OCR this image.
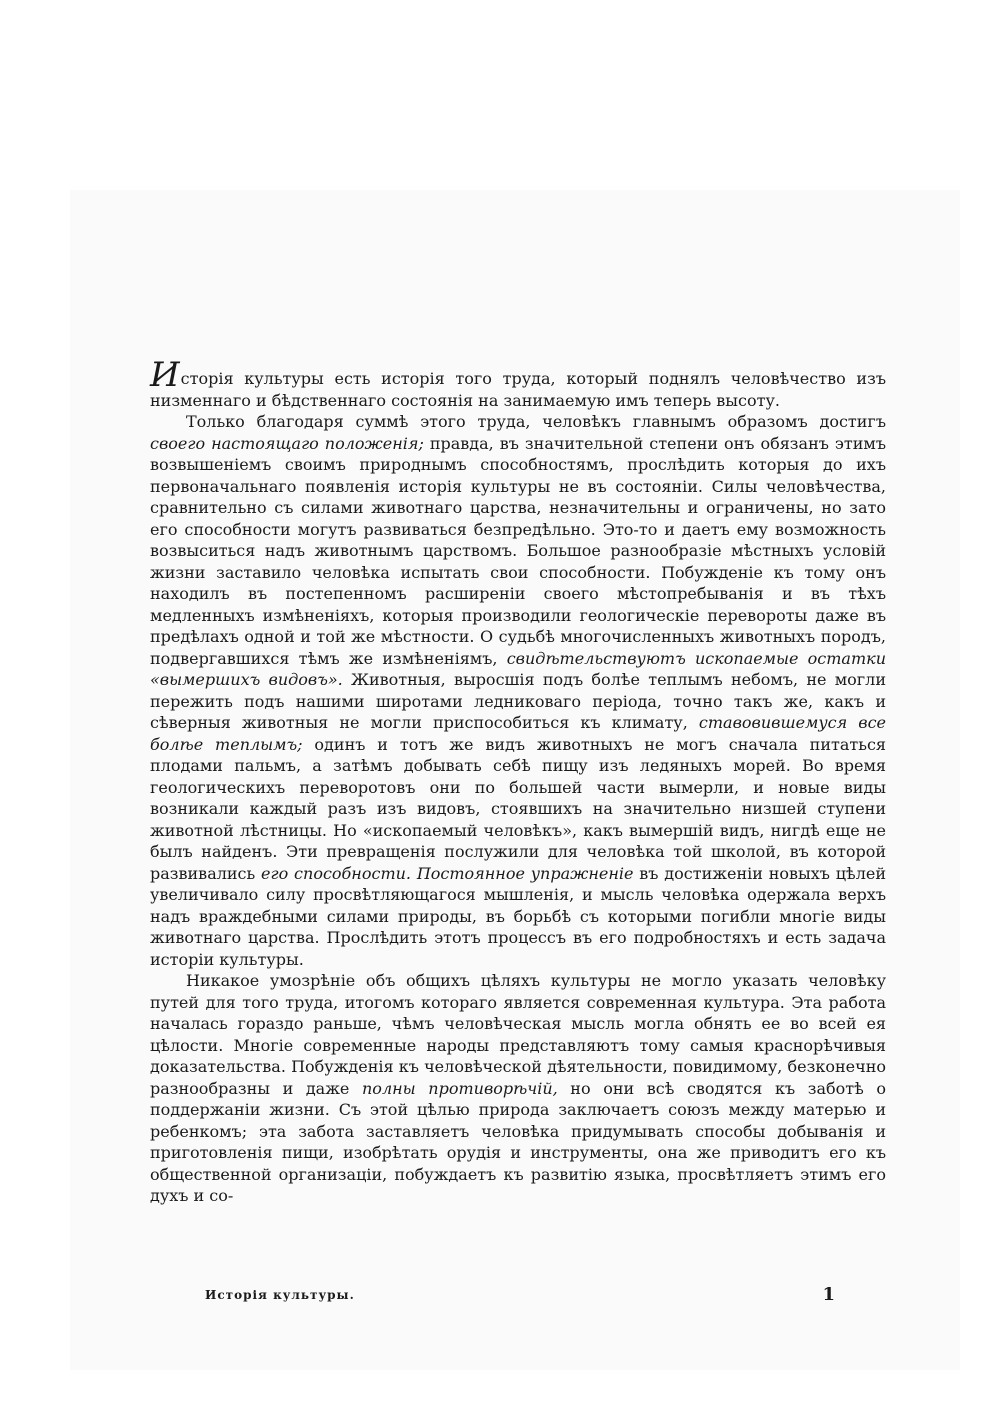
Исторія культуры есть исторія того труда, который поднялъ человѣчество изъ низменнаго и бѣдственнаго состоянія на занимаемую имъ теперь высоту.

Только благодаря суммѣ этого труда, человѣкъ главнымъ образомъ достигъ своего настоящаго положенія; правда, въ значительной степени онъ обязанъ этимъ возвышеніемъ своимъ природнымъ способностямъ, прослѣдить которыя до ихъ первоначальнаго появленія исторія культуры не въ состояніи. Силы человѣчества, сравнительно съ силами животнаго царства, незначительны и ограничены, но зато его способности могутъ развиваться безпредѣльно. Это-то и даетъ ему возможность возвыситься надъ животнымъ царствомъ. Большое разнообразіе мѣстныхъ условій жизни заставило человѣка испытать свои способности. Побужденіе къ тому онъ находилъ въ постепенномъ расширеніи своего мѣстопребыванія и въ тѣхъ медленныхъ измѣненіяхъ, которыя производили геологическіе перевороты даже въ предѣлахъ одной и той же мѣстности. О судьбѣ многочисленныхъ животныхъ породъ, подвергавшихся тѣмъ же измѣненіямъ, свидѣтельствуютъ ископаемые остатки «вымершихъ видовъ». Животныя, выросшія подъ болѣе теплымъ небомъ, не могли пережить подъ нашими широтами ледниковаго періода, точно такъ же, какъ и сѣверныя животныя не могли приспособиться къ климату, ставовившемуся все болѣе теплымъ; одинъ и тотъ же видъ животныхъ не могъ сначала питаться плодами пальмъ, а затѣмъ добывать себѣ пищу изъ ледяныхъ морей. Во время геологическихъ переворотовъ они по большей части вымерли, и новые виды возникали каждый разъ изъ видовъ, стоявшихъ на значительно низшей ступени животной лѣстницы. Но «ископаемый человѣкъ», какъ вымершій видъ, нигдѣ еще не былъ найденъ. Эти превращенія послужили для человѣка той школой, въ которой развивались его способности. Постоянное упражненіе въ достиженіи новыхъ цѣлей увеличивало силу просвѣтляющагося мышленія, и мысль человѣка одержала верхъ надъ враждебными силами природы, въ борьбѣ съ которыми погибли многіе виды животнаго царства. Прослѣдить этотъ процессъ въ его подробностяхъ и есть задача исторіи культуры.

Никакое умозрѣніе объ общихъ цѣляхъ культуры не могло указать человѣку путей для того труда, итогомъ котораго является современная культура. Эта работа началась гораздо раньше, чѣмъ человѣческая мысль могла обнять ее во всей ея цѣлости. Многіе современные народы представляютъ тому самыя краснорѣчивыя доказательства. Побужденія къ человѣческой дѣятельности, повидимому, безконечно разнообразны и даже полны противорѣчій, но они всѣ сводятся къ заботѣ о поддержаніи жизни. Съ этой цѣлью природа заключаетъ союзъ между матерью и ребенкомъ; эта забота заставляетъ человѣка придумывать способы добыванія и приготовленія пищи, изобрѣтать орудія и инструменты, она же приводитъ его къ общественной организаціи, побуждаетъ къ развитію языка, просвѣтляетъ этимъ его духъ и со-

Исторія культуры.	1
